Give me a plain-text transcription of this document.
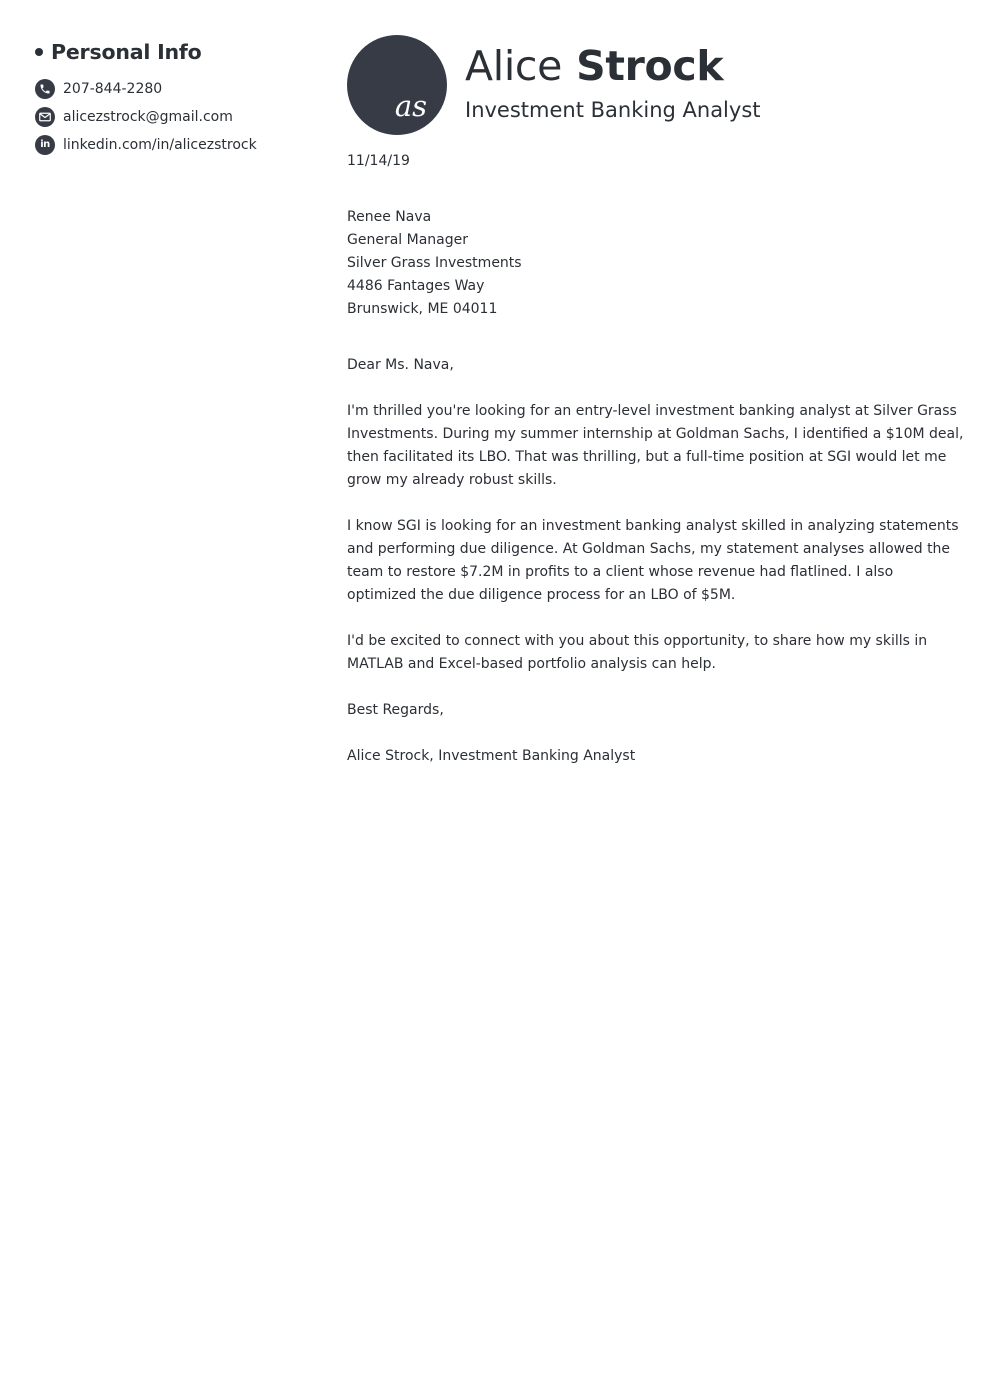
Personal Info
207-844-2280
alicezstrock@gmail.com
in linkedin.com/in/alicezstrock
as
Alice Strock
Investment Banking Analyst
11/14/19
Renee Nava
General Manager
Silver Grass Investments
4486 Fantages Way
Brunswick, ME 04011

Dear Ms. Nava,

I'm thrilled you're looking for an entry-level investment banking analyst at Silver Grass Investments. During my summer internship at Goldman Sachs, I identified a $10M deal, then facilitated its LBO. That was thrilling, but a full-time position at SGI would let me grow my already robust skills.

I know SGI is looking for an investment banking analyst skilled in analyzing statements and performing due diligence. At Goldman Sachs, my statement analyses allowed the team to restore $7.2M in profits to a client whose revenue had flatlined. I also optimized the due diligence process for an LBO of $5M.

I'd be excited to connect with you about this opportunity, to share how my skills in MATLAB and Excel-based portfolio analysis can help.

Best Regards,

Alice Strock, Investment Banking Analyst
